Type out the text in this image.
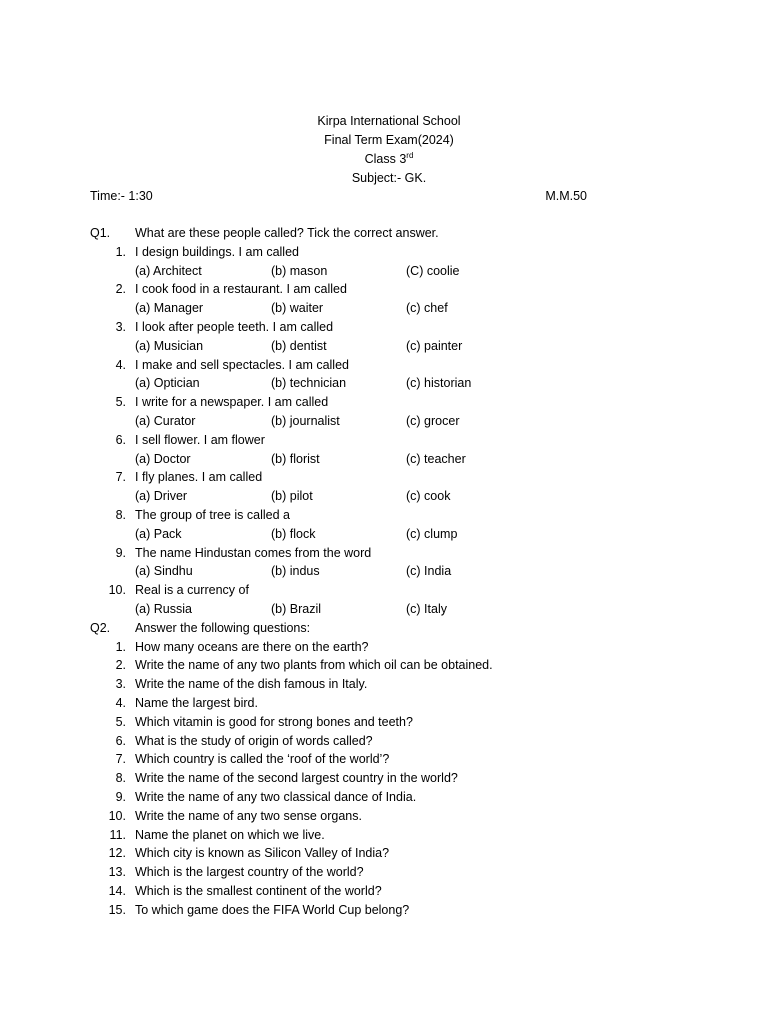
Kirpa International School
Final Term Exam(2024)
Class 3rd
Subject:- GK.
Time:- 1:30	M.M.50
Q1. What are these people called? Tick the correct answer.
1. I design buildings. I am called
(a) Architect	(b) mason	(C) coolie
2. I cook food in a restaurant. I am called
(a) Manager	(b) waiter	(c) chef
3. I look after people teeth. I am called
(a) Musician	(b) dentist	(c) painter
4. I make and sell spectacles. I am called
(a) Optician	(b) technician	(c) historian
5. I write for a newspaper. I am called
(a) Curator	(b) journalist	(c) grocer
6. I sell flower. I am flower
(a) Doctor	(b) florist	(c) teacher
7. I fly planes. I am called
(a) Driver	(b) pilot	(c) cook
8. The group of tree is called a
(a) Pack	(b) flock	(c) clump
9. The name Hindustan comes from the word
(a) Sindhu	(b) indus	(c) India
10. Real is a currency of
(a) Russia	(b) Brazil	(c) Italy
Q2. Answer the following questions:
1. How many oceans are there on the earth?
2. Write the name of any two plants from which oil can be obtained.
3. Write the name of the dish famous in Italy.
4. Name the largest bird.
5. Which vitamin is good for strong bones and teeth?
6. What is the study of origin of words called?
7. Which country is called the ‘roof of the world’?
8. Write the name of the second largest country in the world?
9. Write the name of any two classical dance of India.
10. Write the name of any two sense organs.
11. Name the planet on which we live.
12. Which city is known as Silicon Valley of India?
13. Which is the largest country of the world?
14. Which is the smallest continent of the world?
15. To which game does the FIFA World Cup belong?
